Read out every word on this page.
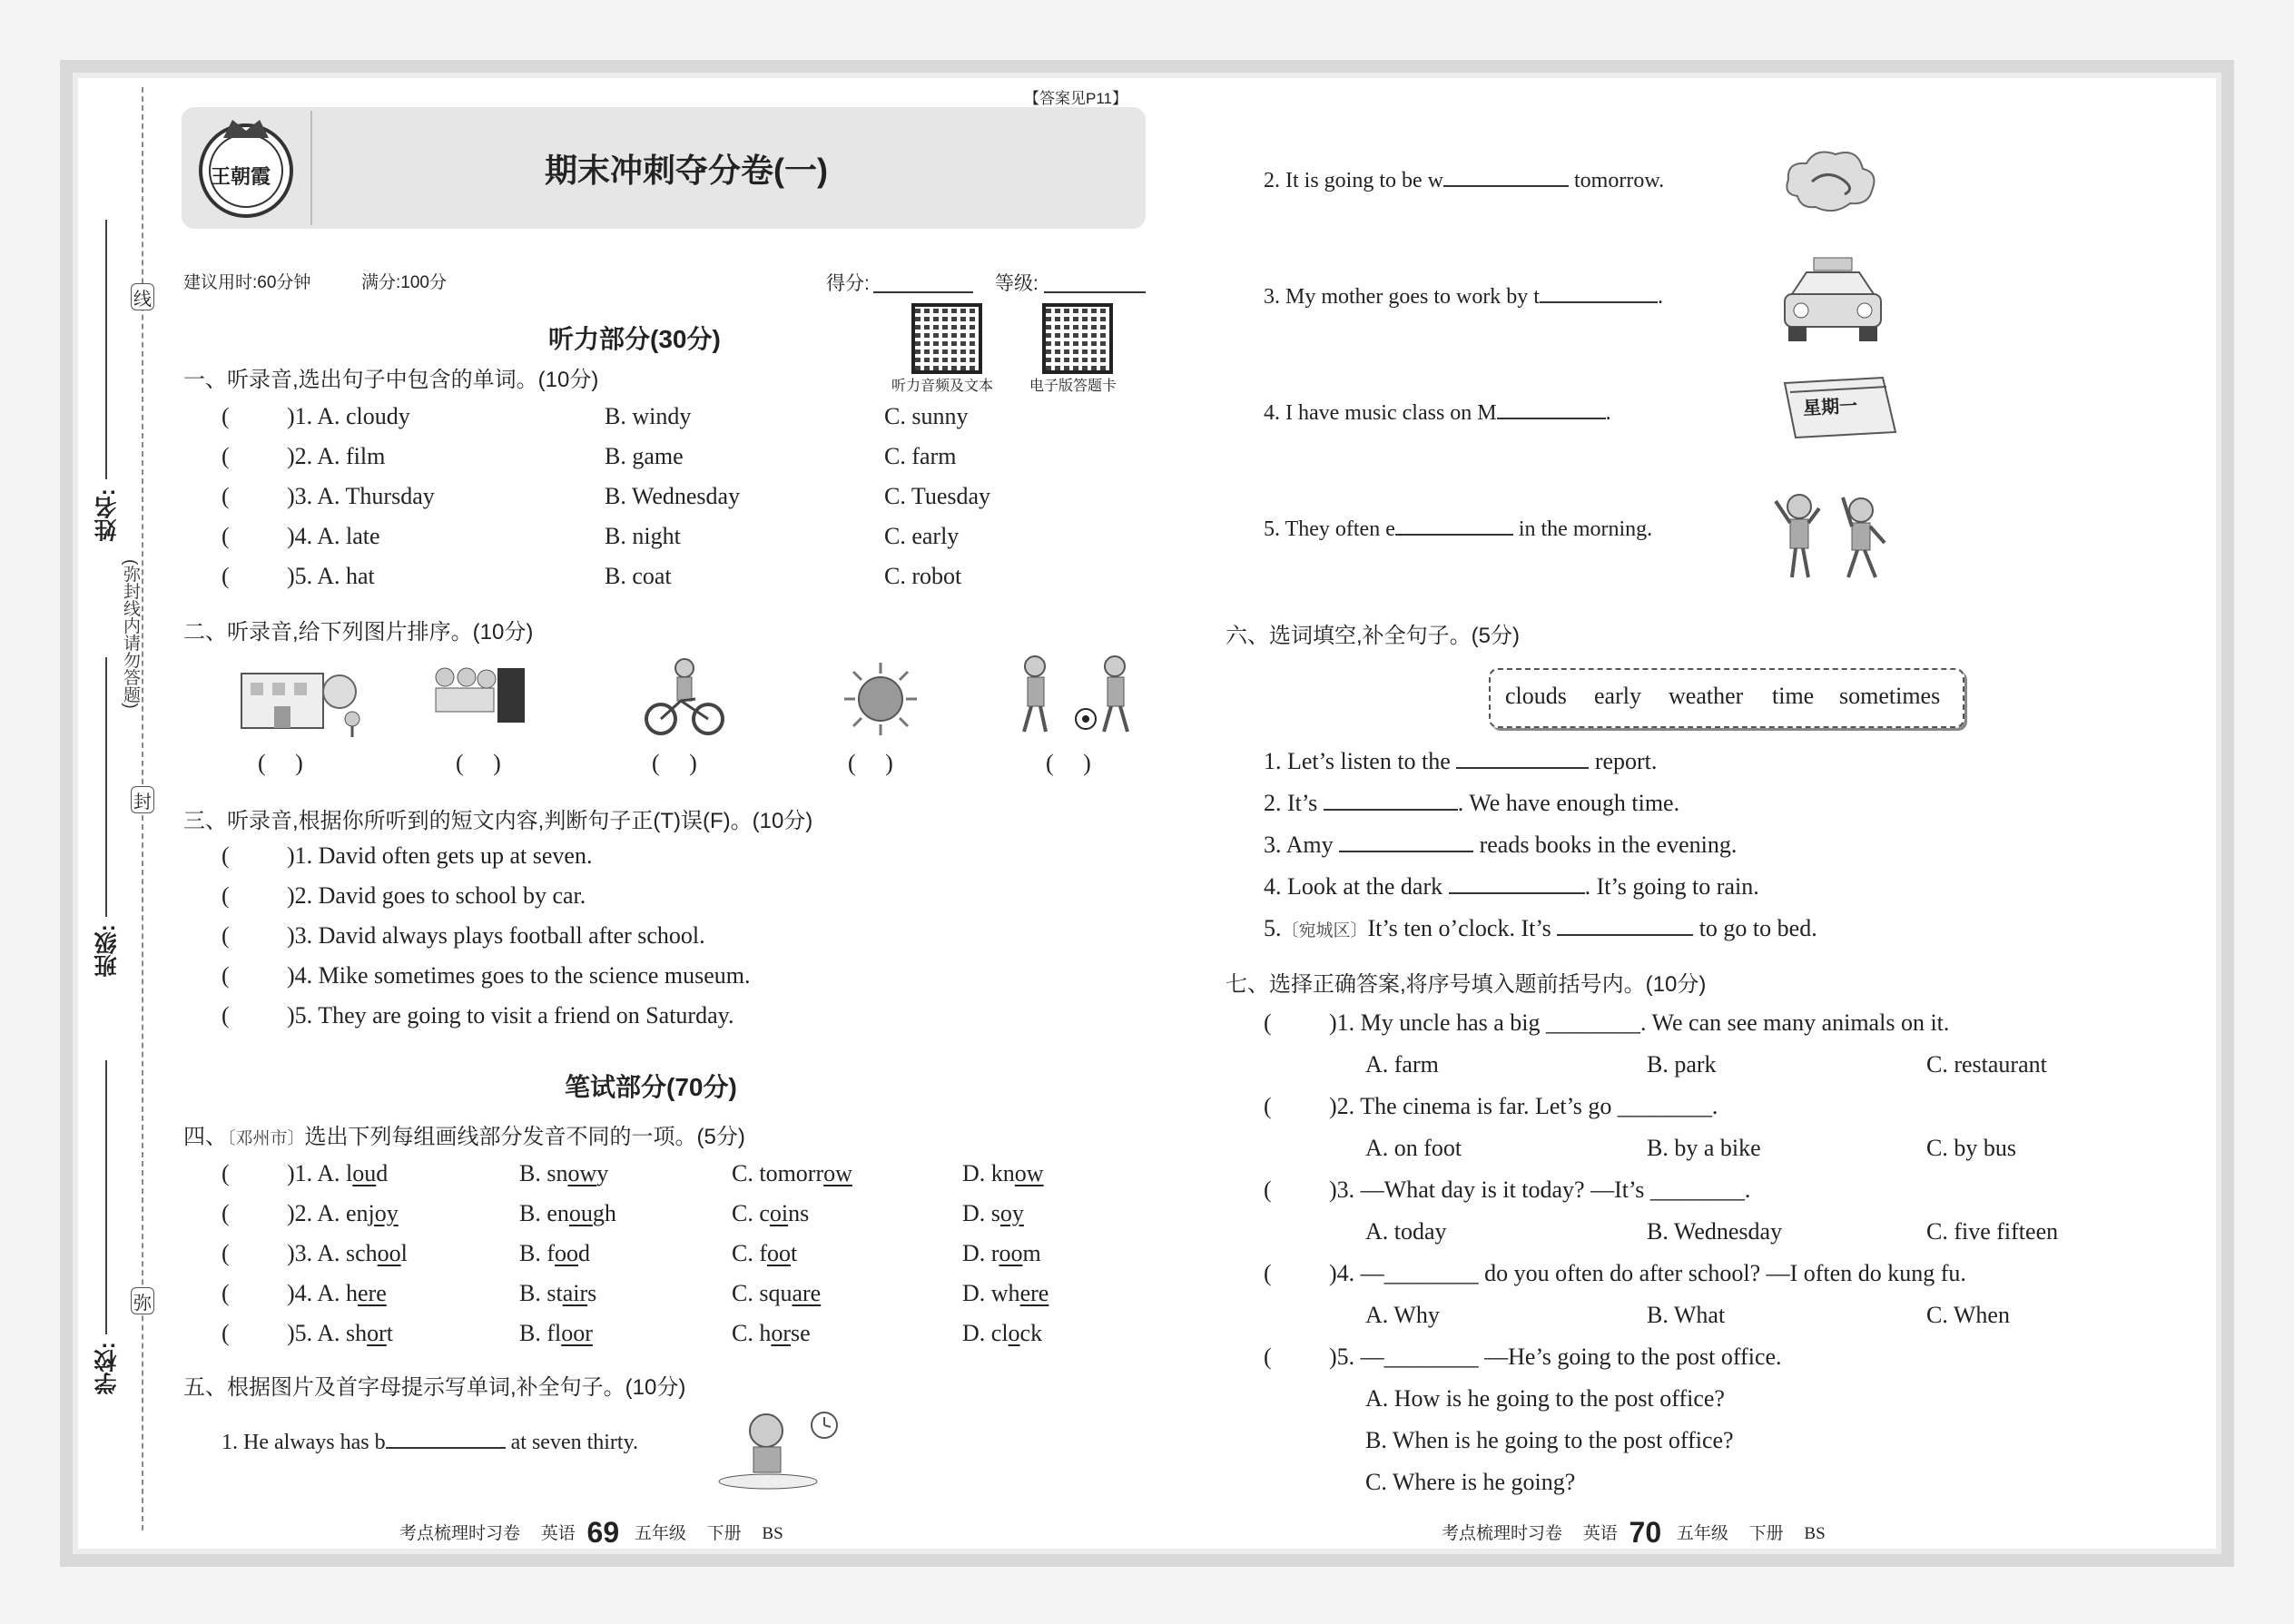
线
封
弥
(弥封线内请勿答题)
姓名:
班级:
学校:
【答案见P11】
王朝霞	期末冲刺夺分卷(一)
建议用时:60分钟	满分:100分	得分:	等级:
听力音频及文本 电子版答题卡
听力部分(30分)
一、听录音,选出句子中包含的单词。(10分)
( )1. A. cloudy	B. windy	C. sunny
( )2. A. film	B. game	C. farm
( )3. A. Thursday	B. Wednesday	C. Tuesday
( )4. A. late	B. night	C. early
( )5. A. hat	B. coat	C. robot
二、听录音,给下列图片排序。(10分)
(     )	(     )	(     )	(     )	(     )
三、听录音,根据你所听到的短文内容,判断句子正(T)误(F)。(10分)
( )1. David often gets up at seven.
( )2. David goes to school by car.
( )3. David always plays football after school.
( )4. Mike sometimes goes to the science museum.
( )5. They are going to visit a friend on Saturday.
笔试部分(70分)
四、〔邓州市〕选出下列每组画线部分发音不同的一项。(5分)
( )1. A. loud	B. snowy	C. tomorrow	D. know
( )2. A. enjoy	B. enough	C. coins	D. soy
( )3. A. school	B. food	C. foot	D. room
( )4. A. here	B. stairs	C. square	D. where
( )5. A. short	B. floor	C. horse	D. clock
五、根据图片及首字母提示写单词,补全句子。(10分)
1. He always has b	at seven thirty.
2. It is going to be w	tomorrow.
3. My mother goes to work by t	.
4. I have music class on M	.	星期一
5. They often e	in the morning.
六、选词填空,补全句子。(5分)
clouds early weather time sometimes
1. Let’s listen to the	report.
2. It’s	. We have enough time.
3. Amy	reads books in the evening.
4. Look at the dark	. It’s going to rain.
5.〔宛城区〕It’s ten o’clock. It’s	to go to bed.
七、选择正确答案,将序号填入题前括号内。(10分)
( )1. My uncle has a big ________. We can see many animals on it.
A. farm	B. park	C. restaurant
( )2. The cinema is far. Let’s go ________.
A. on foot	B. by a bike	C. by bus
( )3. —What day is it today? —It’s ________.
A. today	B. Wednesday	C. five fifteen
( )4. —________ do you often do after school? —I often do kung fu.
A. Why	B. What	C. When
( )5. —________ —He’s going to the post office.
A. How is he going to the post office?
B. When is he going to the post office?
C. Where is he going?
考点梳理时习卷 英语 69 五年级 下册 BS	考点梳理时习卷 英语 70 五年级 下册 BS
